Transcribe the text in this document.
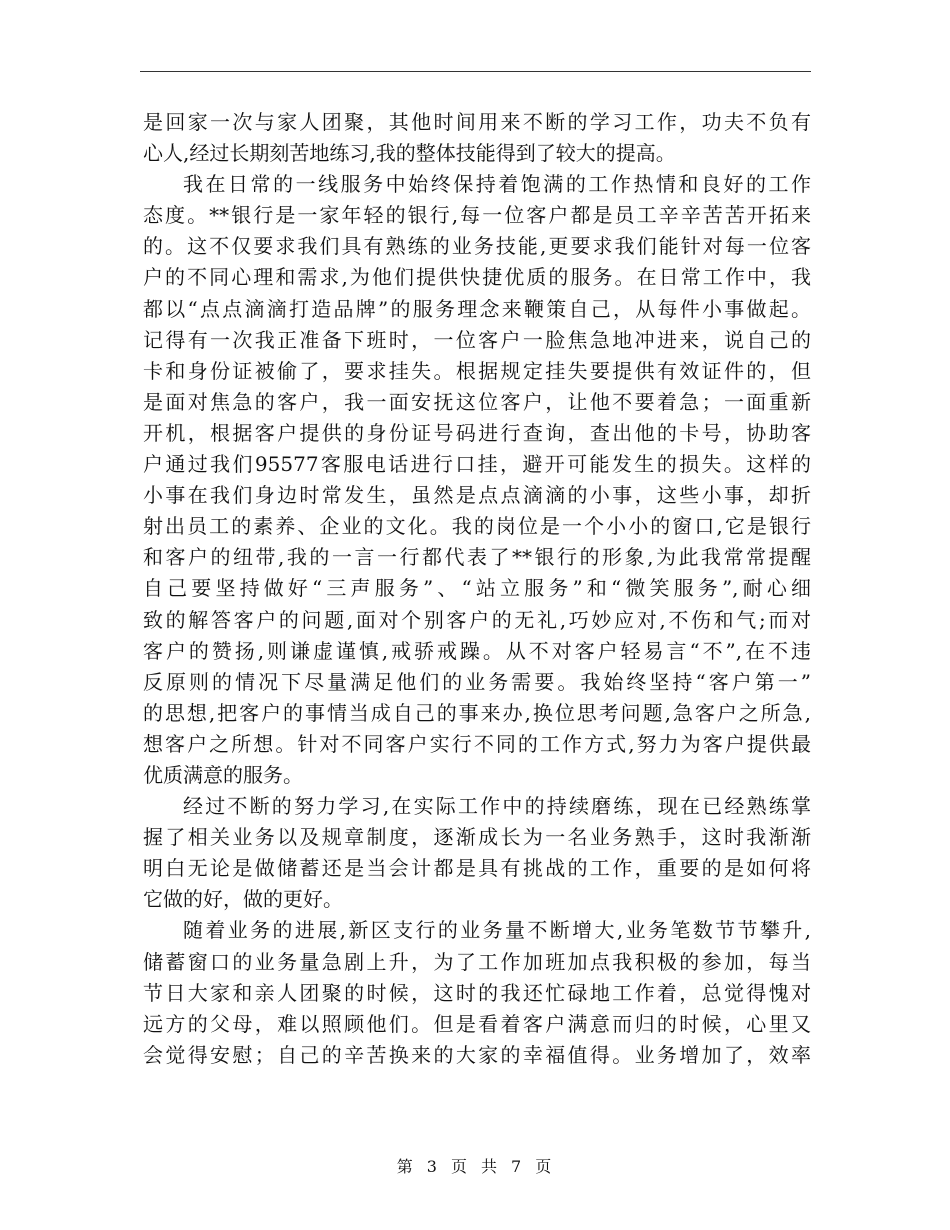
是回家一次与家人团聚，其他时间用来不断的学习工作，功夫不负有
心人,经过长期刻苦地练习,我的整体技能得到了较大的提高。
我在日常的一线服务中始终保持着饱满的工作热情和良好的工作
态度。**银行是一家年轻的银行,每一位客户都是员工辛辛苦苦开拓来
的。这不仅要求我们具有熟练的业务技能,更要求我们能针对每一位客
户的不同心理和需求,为他们提供快捷优质的服务。在日常工作中，我
都以“点点滴滴打造品牌”的服务理念来鞭策自己，从每件小事做起。
记得有一次我正准备下班时，一位客户一脸焦急地冲进来，说自己的
卡和身份证被偷了，要求挂失。根据规定挂失要提供有效证件的，但
是面对焦急的客户，我一面安抚这位客户，让他不要着急；一面重新
开机，根据客户提供的身份证号码进行查询，查出他的卡号，协助客
户通过我们95577客服电话进行口挂，避开可能发生的损失。这样的
小事在我们身边时常发生，虽然是点点滴滴的小事，这些小事，却折
射出员工的素养、企业的文化。我的岗位是一个小小的窗口,它是银行
和客户的纽带,我的一言一行都代表了**银行的形象,为此我常常提醒
自己要坚持做好“三声服务”、“站立服务”和“微笑服务”,耐心细
致的解答客户的问题,面对个别客户的无礼,巧妙应对,不伤和气;而对
客户的赞扬,则谦虚谨慎,戒骄戒躁。从不对客户轻易言“不”,在不违
反原则的情况下尽量满足他们的业务需要。我始终坚持“客户第一”
的思想,把客户的事情当成自己的事来办,换位思考问题,急客户之所急,
想客户之所想。针对不同客户实行不同的工作方式,努力为客户提供最
优质满意的服务。
经过不断的努力学习,在实际工作中的持续磨练，现在已经熟练掌
握了相关业务以及规章制度，逐渐成长为一名业务熟手，这时我渐渐
明白无论是做储蓄还是当会计都是具有挑战的工作，重要的是如何将
它做的好，做的更好。
随着业务的进展,新区支行的业务量不断增大,业务笔数节节攀升,
储蓄窗口的业务量急剧上升，为了工作加班加点我积极的参加，每当
节日大家和亲人团聚的时候，这时的我还忙碌地工作着，总觉得愧对
远方的父母，难以照顾他们。但是看着客户满意而归的时候，心里又
会觉得安慰；自己的辛苦换来的大家的幸福值得。业务增加了，效率
第 3 页 共 7 页
